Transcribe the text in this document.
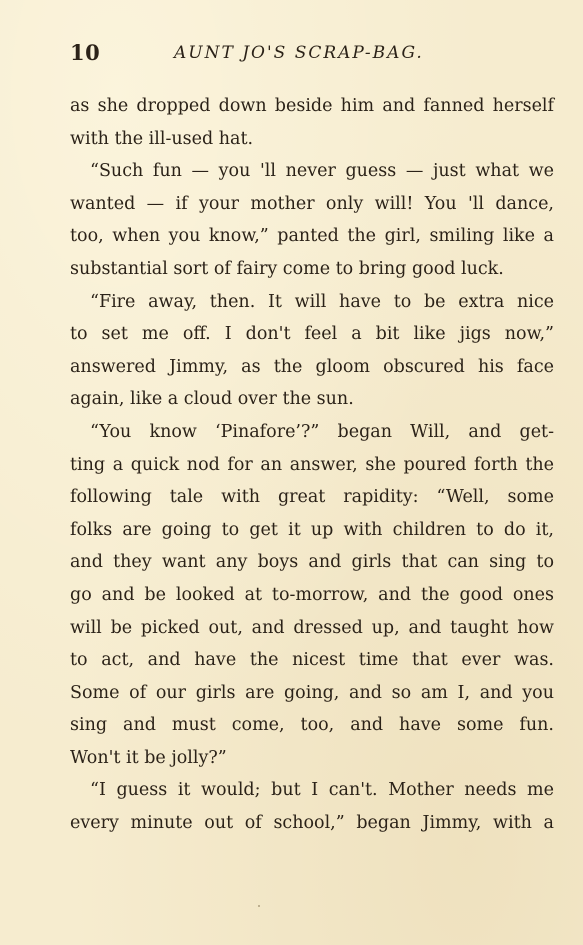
10	AUNT JO'S SCRAP-BAG.
as she dropped down beside him and fanned herself
with the ill-used hat.
“Such fun — you 'll never guess — just what we
wanted — if your mother only will! You 'll dance,
too, when you know,” panted the girl, smiling like a
substantial sort of fairy come to bring good luck.
“Fire away, then. It will have to be extra nice
to set me off. I don't feel a bit like jigs now,”
answered Jimmy, as the gloom obscured his face
again, like a cloud over the sun.
“You know ‘Pinafore’?” began Will, and get-
ting a quick nod for an answer, she poured forth the
following tale with great rapidity: “Well, some
folks are going to get it up with children to do it,
and they want any boys and girls that can sing to
go and be looked at to-morrow, and the good ones
will be picked out, and dressed up, and taught how
to act, and have the nicest time that ever was.
Some of our girls are going, and so am I, and you
sing and must come, too, and have some fun.
Won't it be jolly?”
“I guess it would; but I can't. Mother needs me
every minute out of school,” began Jimmy, with a
